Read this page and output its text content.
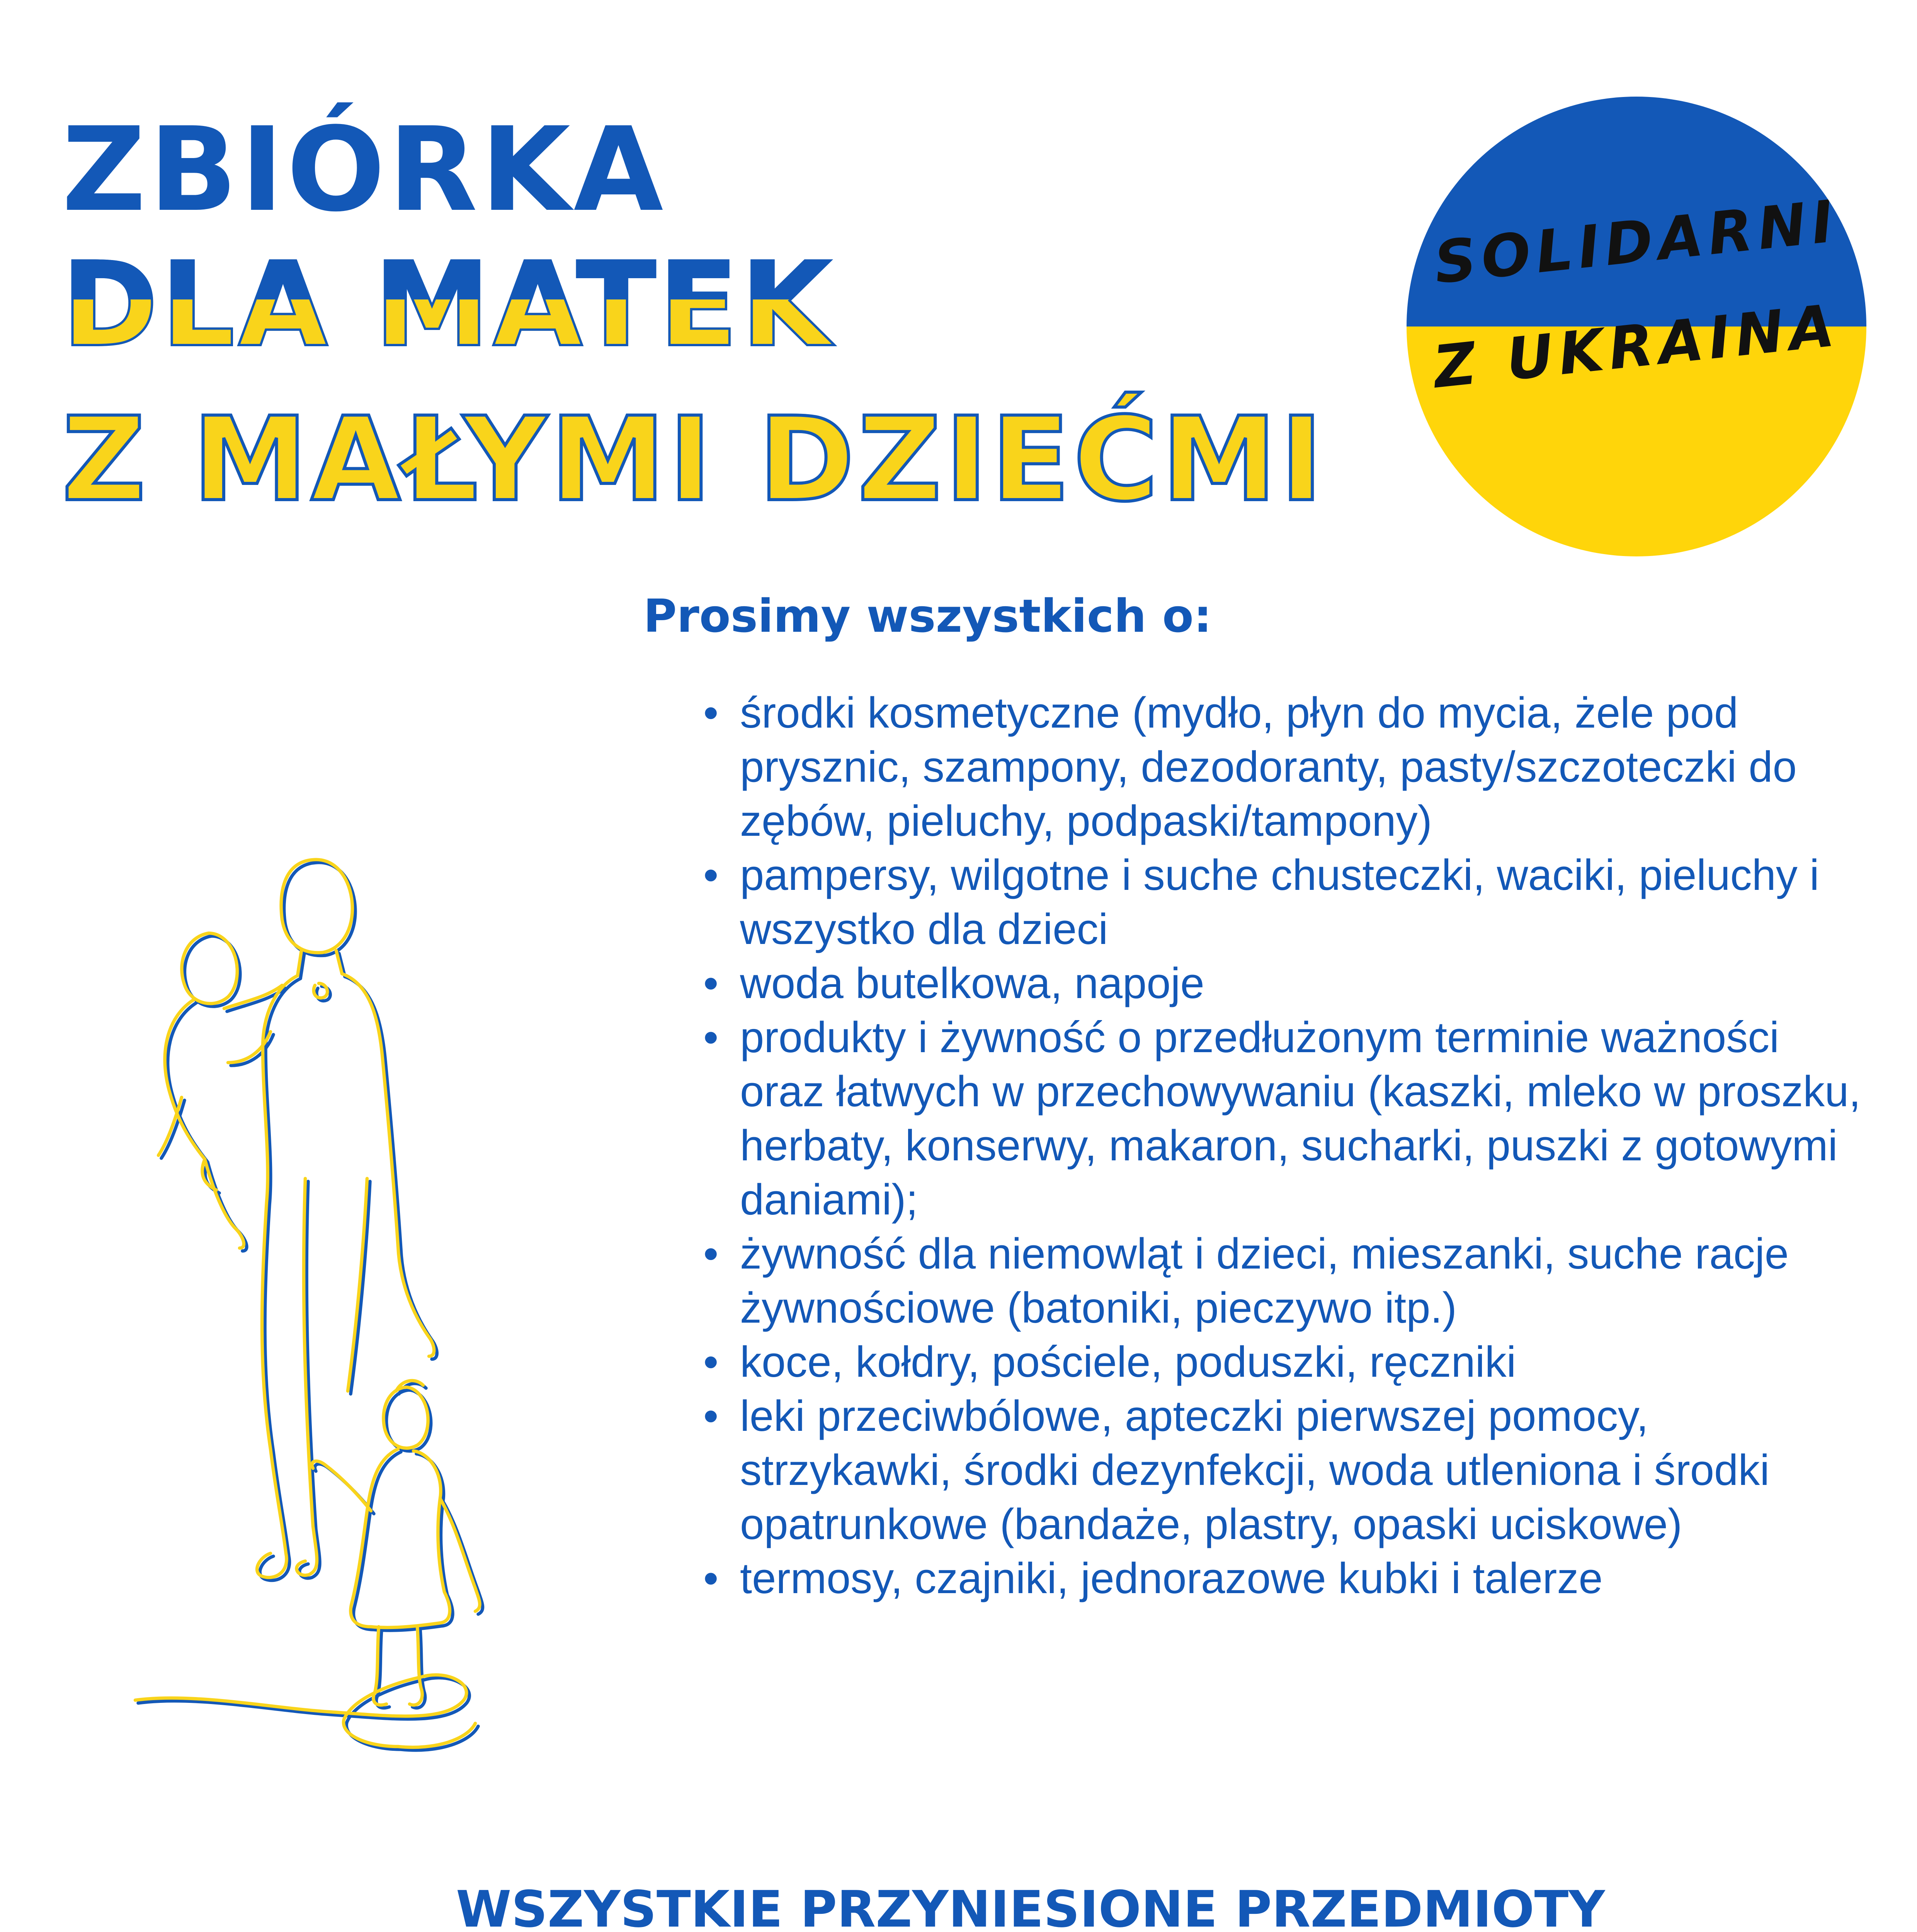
ZBIÓRKA
DLA MATEK
Z MAŁYMI DZIEĆMI
SOLIDARNI
Z UKRAINA
Prosimy wszystkich o:
• środki kosmetyczne (mydło, płyn do mycia, żele pod prysznic, szampony, dezodoranty, pasty/szczoteczki do zębów, pieluchy, podpaski/tampony)
• pampersy, wilgotne i suche chusteczki, waciki, pieluchy i wszystko dla dzieci
• woda butelkowa, napoje
• produkty i żywność o przedłużonym terminie ważności oraz łatwych w przechowywaniu (kaszki, mleko w proszku, herbaty, konserwy, makaron, sucharki, puszki z gotowymi daniami);
• żywność dla niemowląt i dzieci, mieszanki, suche racje żywnościowe (batoniki, pieczywo itp.)
• koce, kołdry, pościele, poduszki, ręczniki
• leki przeciwbólowe, apteczki pierwszej pomocy, strzykawki, środki dezynfekcji, woda utleniona i środki opatrunkowe (bandaże, plastry, opaski uciskowe)
• termosy, czajniki, jednorazowe kubki i talerze
WSZYSTKIE PRZYNIESIONE PRZEDMIOTY
